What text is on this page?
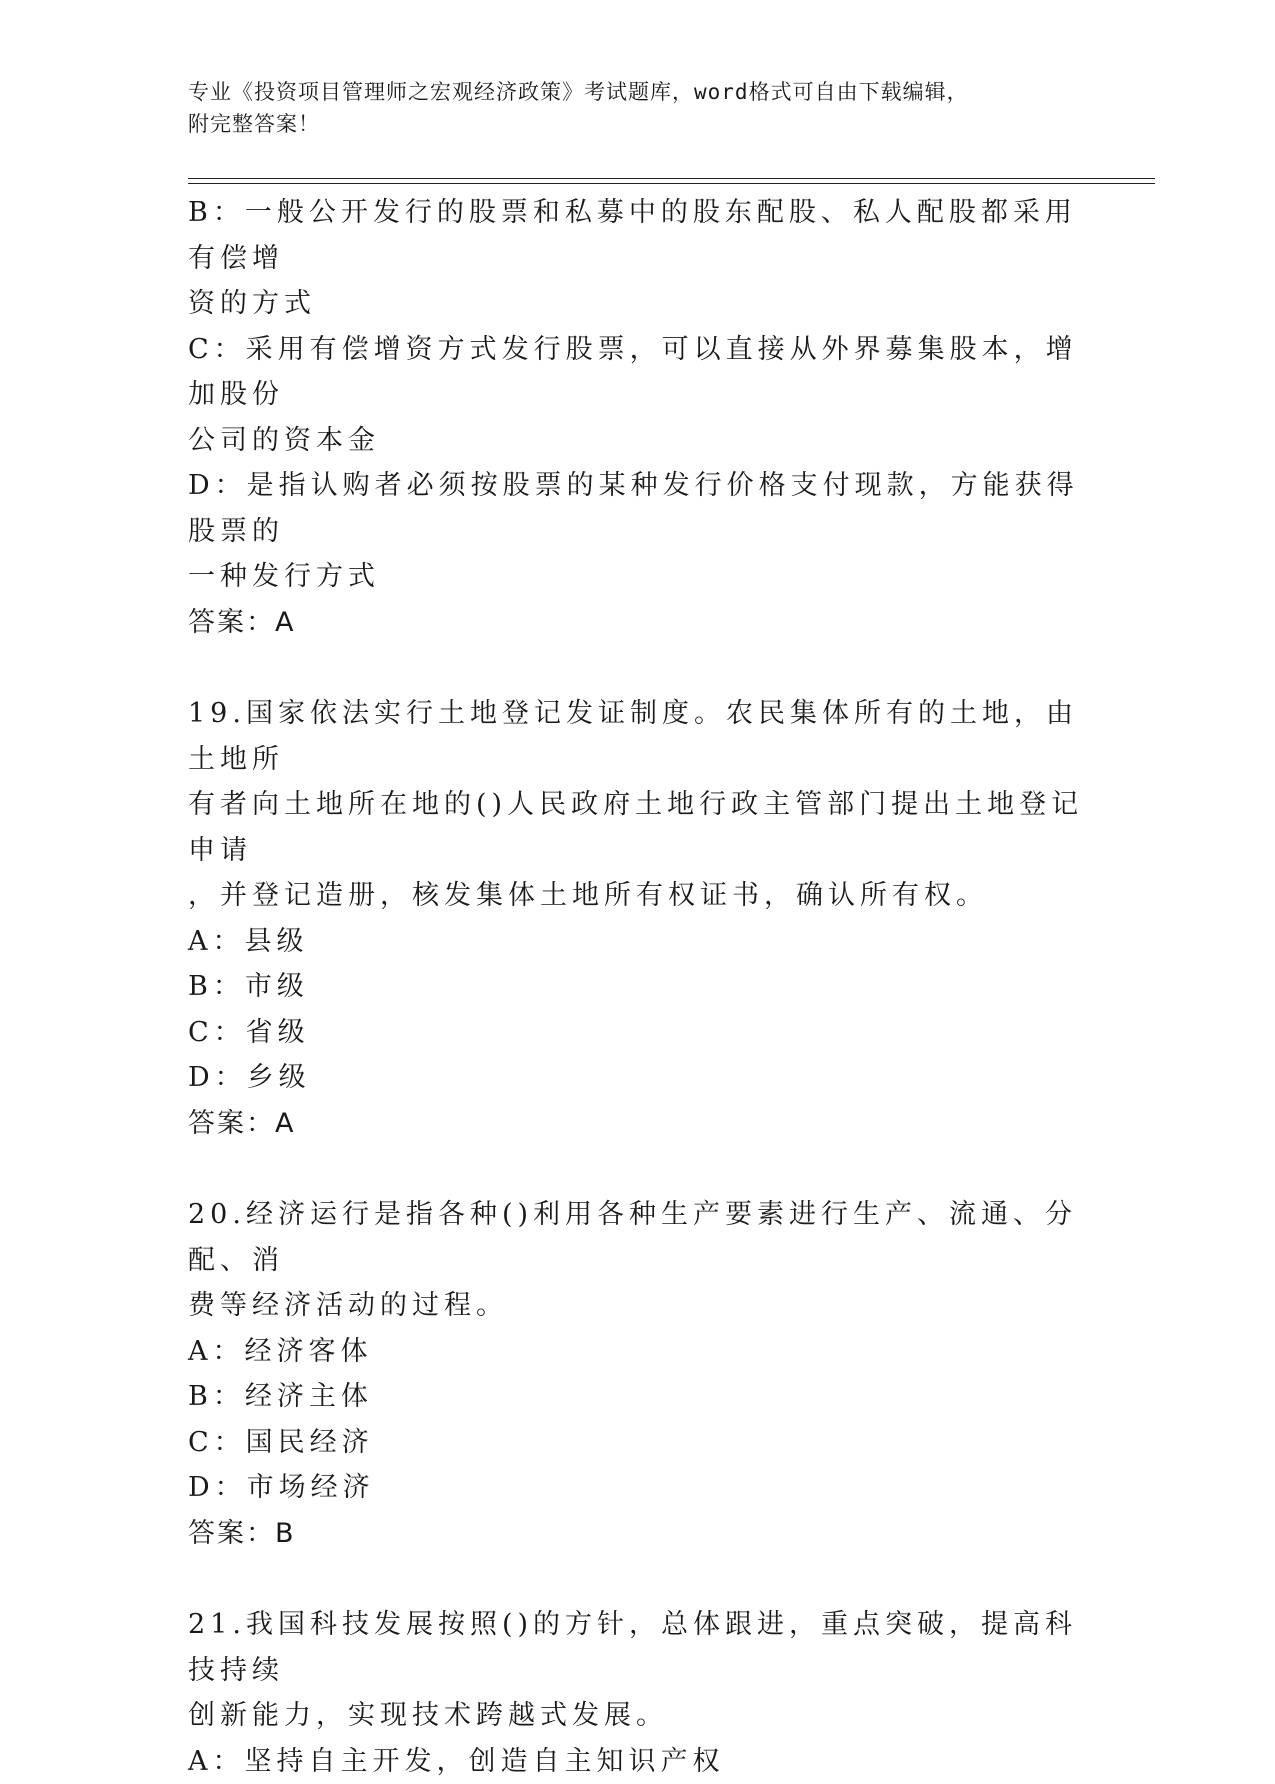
专业《投资项目管理师之宏观经济政策》考试题库，word格式可自由下载编辑，
附完整答案！
B：一般公开发行的股票和私募中的股东配股、私人配股都采用有偿增
资的方式
C：采用有偿增资方式发行股票，可以直接从外界募集股本，增加股份
公司的资本金
D：是指认购者必须按股票的某种发行价格支付现款，方能获得股票的
一种发行方式
答案：A
19.国家依法实行土地登记发证制度。农民集体所有的土地，由土地所
有者向土地所在地的()人民政府土地行政主管部门提出土地登记申请
，并登记造册，核发集体土地所有权证书，确认所有权。
A：县级
B：市级
C：省级
D：乡级
答案：A
20.经济运行是指各种()利用各种生产要素进行生产、流通、分配、消
费等经济活动的过程。
A：经济客体
B：经济主体
C：国民经济
D：市场经济
答案：B
21.我国科技发展按照()的方针，总体跟进，重点突破，提高科技持续
创新能力，实现技术跨越式发展。
A：坚持自主开发，创造自主知识产权
